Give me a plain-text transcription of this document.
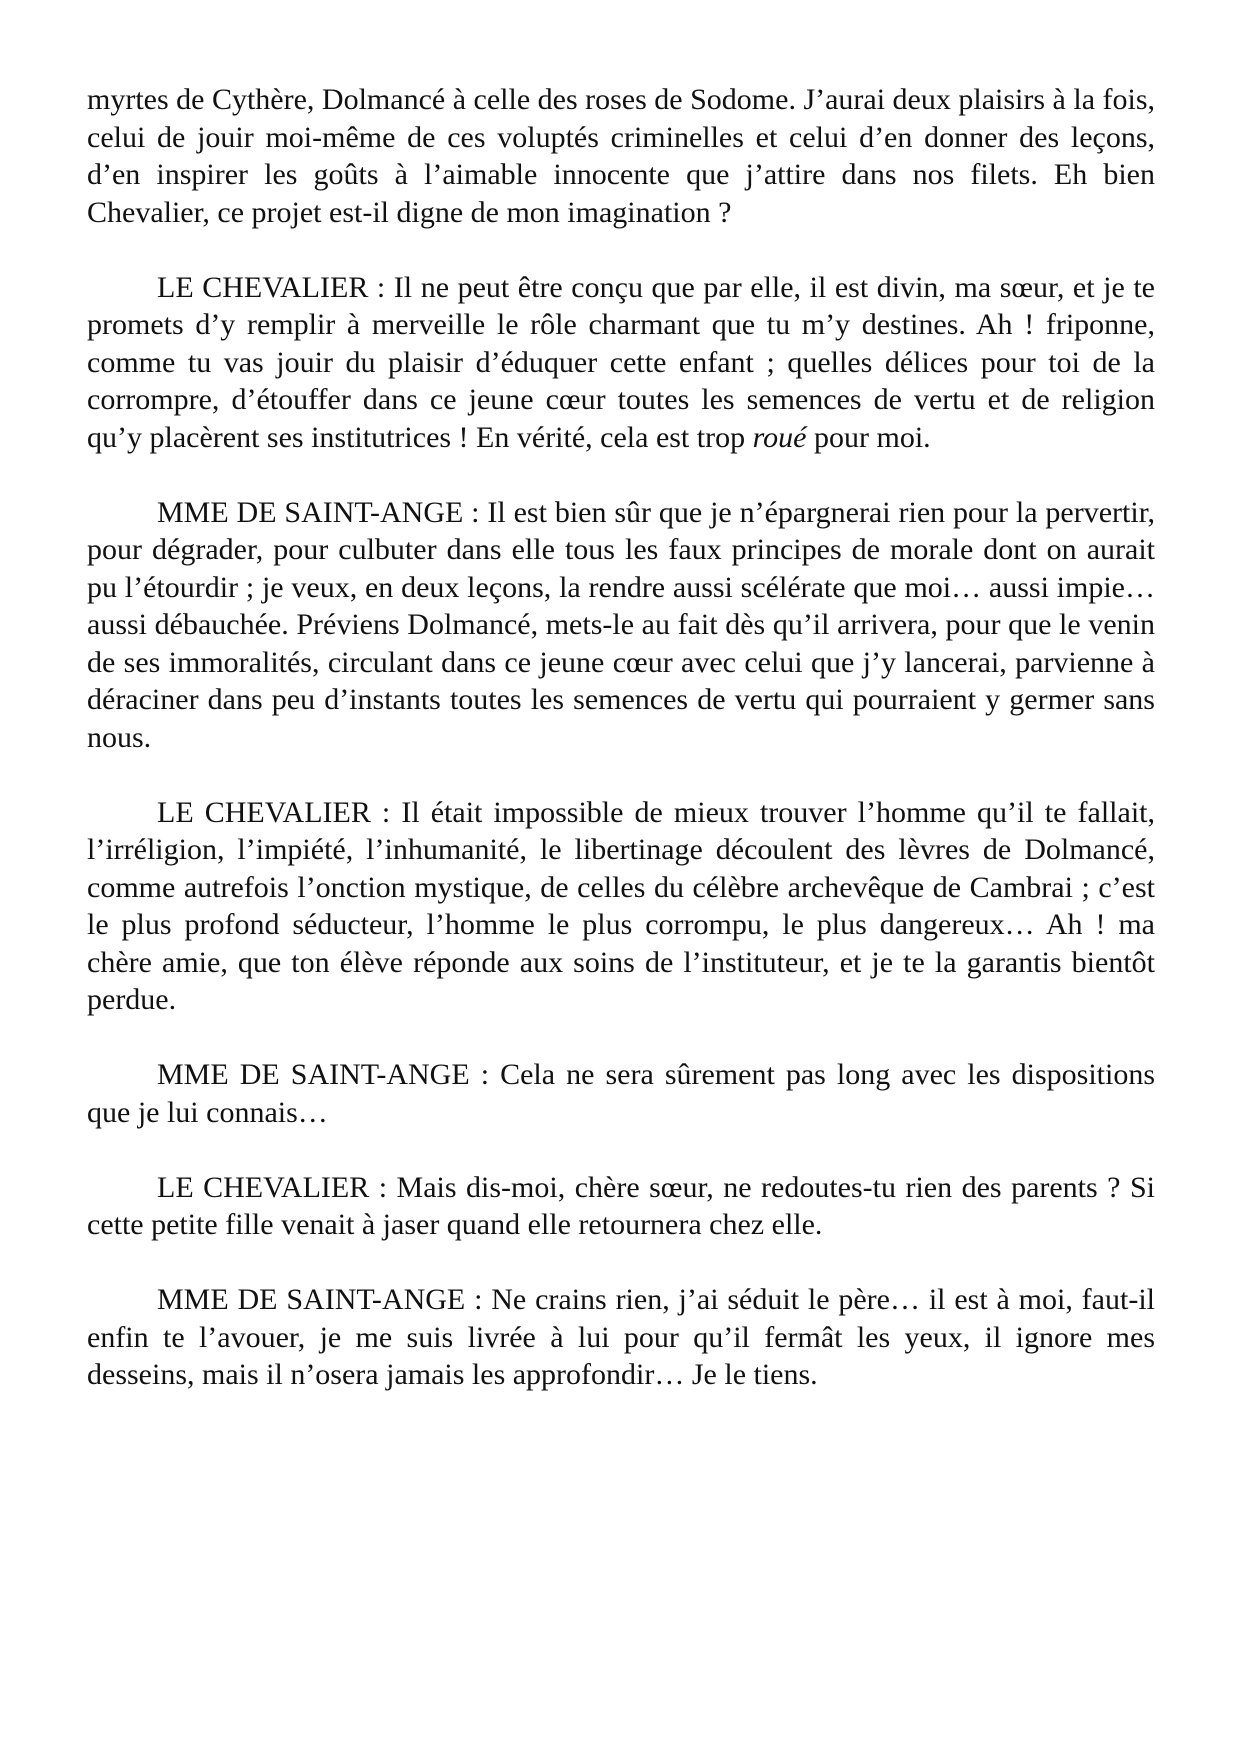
myrtes de Cythère, Dolmancé à celle des roses de Sodome. J’aurai deux plaisirs à la fois, celui de jouir moi-même de ces voluptés criminelles et celui d’en donner des leçons, d’en inspirer les goûts à l’aimable innocente que j’attire dans nos filets. Eh bien Chevalier, ce projet est-il digne de mon imagination ?

LE CHEVALIER : Il ne peut être conçu que par elle, il est divin, ma sœur, et je te promets d’y remplir à merveille le rôle charmant que tu m’y destines. Ah ! friponne, comme tu vas jouir du plaisir d’éduquer cette enfant ; quelles délices pour toi de la corrompre, d’étouffer dans ce jeune cœur toutes les semences de vertu et de religion qu’y placèrent ses institutrices ! En vérité, cela est trop roué pour moi.

MME DE SAINT-ANGE : Il est bien sûr que je n’épargnerai rien pour la pervertir, pour dégrader, pour culbuter dans elle tous les faux principes de morale dont on aurait pu l’étourdir ; je veux, en deux leçons, la rendre aussi scélérate que moi… aussi impie… aussi débauchée. Préviens Dolmancé, mets-le au fait dès qu’il arrivera, pour que le venin de ses immoralités, circulant dans ce jeune cœur avec celui que j’y lancerai, parvienne à déraciner dans peu d’instants toutes les semences de vertu qui pourraient y germer sans nous.

LE CHEVALIER : Il était impossible de mieux trouver l’homme qu’il te fallait, l’irréligion, l’impiété, l’inhumanité, le libertinage découlent des lèvres de Dolmancé, comme autrefois l’onction mystique, de celles du célèbre archevêque de Cambrai ; c’est le plus profond séducteur, l’homme le plus corrompu, le plus dangereux… Ah ! ma chère amie, que ton élève réponde aux soins de l’instituteur, et je te la garantis bientôt perdue.

MME DE SAINT-ANGE : Cela ne sera sûrement pas long avec les dispositions que je lui connais…

LE CHEVALIER : Mais dis-moi, chère sœur, ne redoutes-tu rien des parents ? Si cette petite fille venait à jaser quand elle retournera chez elle.

MME DE SAINT-ANGE : Ne crains rien, j’ai séduit le père… il est à moi, faut-il enfin te l’avouer, je me suis livrée à lui pour qu’il fermât les yeux, il ignore mes desseins, mais il n’osera jamais les approfondir… Je le tiens.
